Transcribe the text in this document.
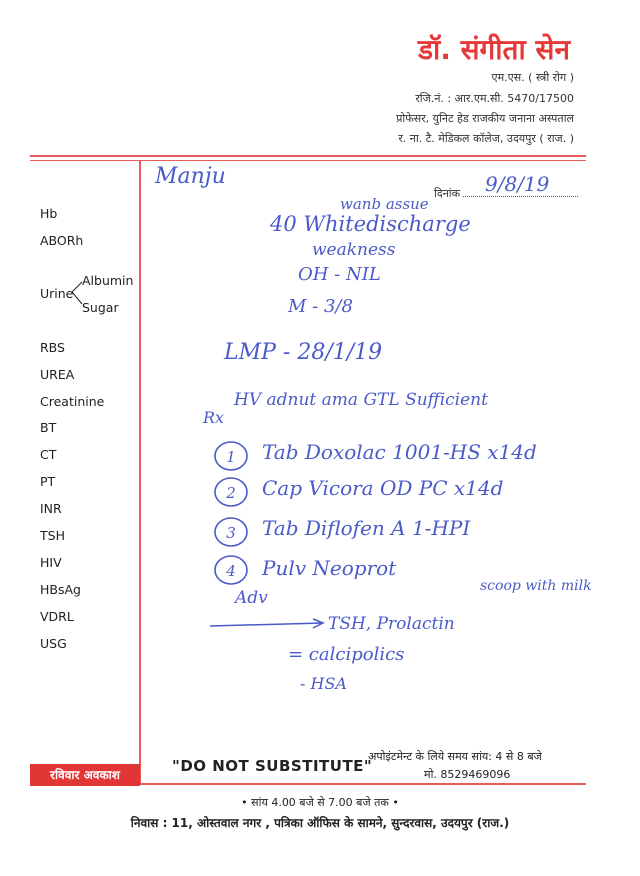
डॉ. संगीता सेन
एम.एस. ( स्त्री रोग )
रजि.नं. : आर.एम.सी. 5470/17500
प्रोफेसर, युनिट हेड राजकीय जनाना अस्पताल
र. ना. टै. मेडिकल कॉलेज, उदयपुर ( राज. )
Hb
ABORh
Urine
Albumin
Sugar
RBS
UREA
Creatinine
BT
CT
PT
INR
TSH
HIV
HBsAg
VDRL
USG
दिनांक
Manju	9/8/19
wanb assue
40 Whitedischarge
weakness
OH - NIL
M - 3/8
LMP - 28/1/19
HV adnut ama GTL Sufficient
Rx
1
2
3
4
Tab Doxolac 1001-HS x14d
Cap Vicora OD PC x14d
Tab Diflofen A 1-HPI
Pulv Neoprot
scoop with milk
Adv
TSH, Prolactin
= calcipolics
- HSA
रविवार अवकाश	"DO NOT SUBSTITUTE"
अपोइंटमेन्ट के लिये समय सांय: 4 से 8 बजे
मो. 8529469096
• सांय 4.00 बजे से 7.00 बजे तक •
निवास : 11, ओस्तवाल नगर , पत्रिका ऑफिस के सामने, सुन्दरवास, उदयपुर (राज.)
